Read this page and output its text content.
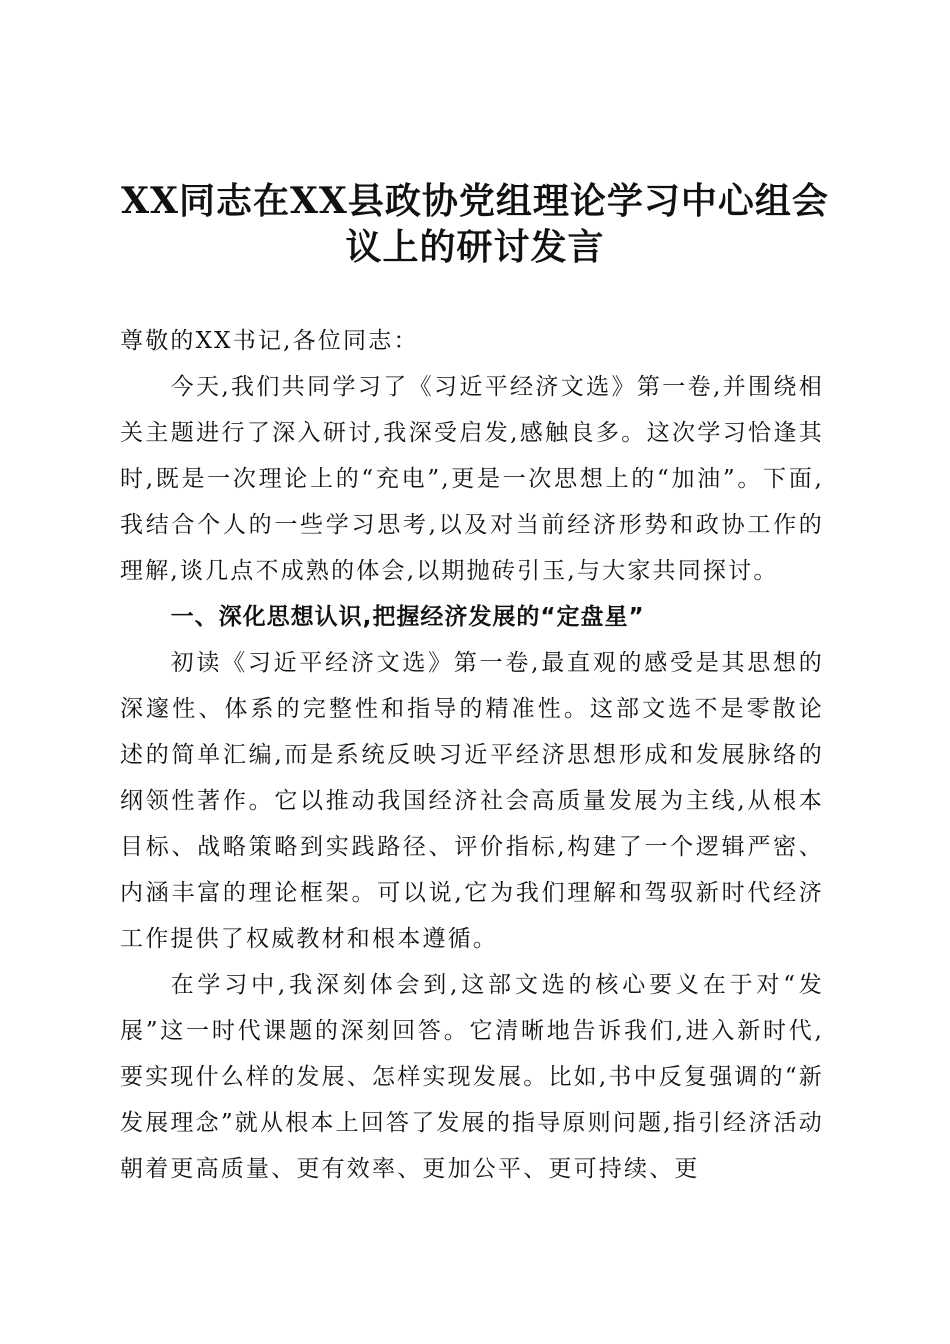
XX同志在XX县政协党组理论学习中心组会议上的研讨发言

尊敬的XX书记,各位同志：

今天,我们共同学习了《习近平经济文选》第一卷,并围绕相关主题进行了深入研讨,我深受启发,感触良多。这次学习恰逢其时,既是一次理论上的“充电”,更是一次思想上的“加油”。下面,我结合个人的一些学习思考,以及对当前经济形势和政协工作的理解,谈几点不成熟的体会,以期抛砖引玉,与大家共同探讨。

一、深化思想认识,把握经济发展的“定盘星”

初读《习近平经济文选》第一卷,最直观的感受是其思想的深邃性、体系的完整性和指导的精准性。这部文选不是零散论述的简单汇编,而是系统反映习近平经济思想形成和发展脉络的纲领性著作。它以推动我国经济社会高质量发展为主线,从根本目标、战略策略到实践路径、评价指标,构建了一个逻辑严密、内涵丰富的理论框架。可以说,它为我们理解和驾驭新时代经济工作提供了权威教材和根本遵循。

在学习中,我深刻体会到,这部文选的核心要义在于对“发展”这一时代课题的深刻回答。它清晰地告诉我们,进入新时代,要实现什么样的发展、怎样实现发展。比如,书中反复强调的“新发展理念”就从根本上回答了发展的指导原则问题,指引经济活动朝着更高质量、更有效率、更加公平、更可持续、更
